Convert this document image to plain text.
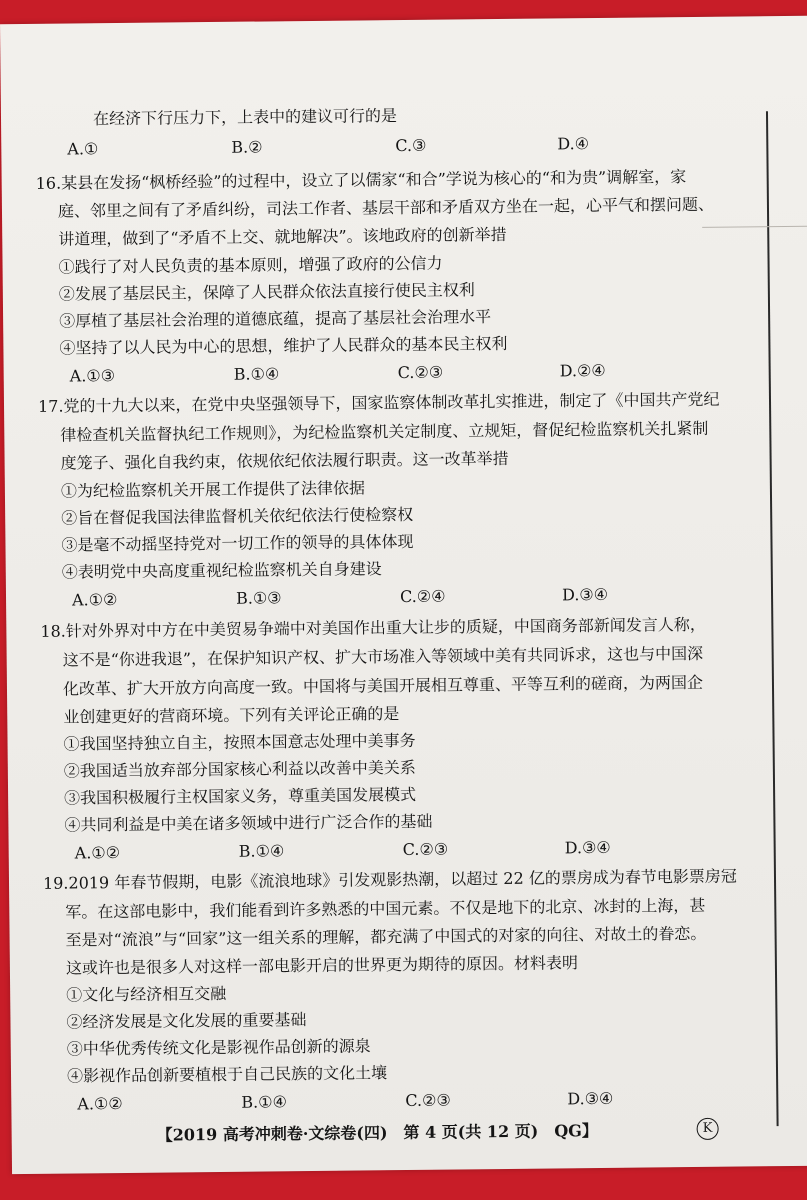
在经济下行压力下，上表中的建议可行的是
A.①	B.②	C.③	D.④
16.某县在发扬“枫桥经验”的过程中，设立了以儒家“和合”学说为核心的“和为贵”调解室，家
庭、邻里之间有了矛盾纠纷，司法工作者、基层干部和矛盾双方坐在一起，心平气和摆问题、
讲道理，做到了“矛盾不上交、就地解决”。该地政府的创新举措
①践行了对人民负责的基本原则，增强了政府的公信力
②发展了基层民主，保障了人民群众依法直接行使民主权利
③厚植了基层社会治理的道德底蕴，提高了基层社会治理水平
④坚持了以人民为中心的思想，维护了人民群众的基本民主权利
A.①③	B.①④	C.②③	D.②④
17.党的十九大以来，在党中央坚强领导下，国家监察体制改革扎实推进，制定了《中国共产党纪
律检查机关监督执纪工作规则》，为纪检监察机关定制度、立规矩，督促纪检监察机关扎紧制
度笼子、强化自我约束，依规依纪依法履行职责。这一改革举措
①为纪检监察机关开展工作提供了法律依据
②旨在督促我国法律监督机关依纪依法行使检察权
③是毫不动摇坚持党对一切工作的领导的具体体现
④表明党中央高度重视纪检监察机关自身建设
A.①②	B.①③	C.②④	D.③④
18.针对外界对中方在中美贸易争端中对美国作出重大让步的质疑，中国商务部新闻发言人称，
这不是“你进我退”，在保护知识产权、扩大市场准入等领域中美有共同诉求，这也与中国深
化改革、扩大开放方向高度一致。中国将与美国开展相互尊重、平等互利的磋商，为两国企
业创建更好的营商环境。下列有关评论正确的是
①我国坚持独立自主，按照本国意志处理中美事务
②我国适当放弃部分国家核心利益以改善中美关系
③我国积极履行主权国家义务，尊重美国发展模式
④共同利益是中美在诸多领域中进行广泛合作的基础
A.①②	B.①④	C.②③	D.③④
19.2019 年春节假期，电影《流浪地球》引发观影热潮，以超过 22 亿的票房成为春节电影票房冠
军。在这部电影中，我们能看到许多熟悉的中国元素。不仅是地下的北京、冰封的上海，甚
至是对“流浪”与“回家”这一组关系的理解，都充满了中国式的对家的向往、对故土的眷恋。
这或许也是很多人对这样一部电影开启的世界更为期待的原因。材料表明
①文化与经济相互交融
②经济发展是文化发展的重要基础
③中华优秀传统文化是影视作品创新的源泉
④影视作品创新要植根于自己民族的文化土壤
A.①②	B.①④	C.②③	D.③④
【2019 高考冲刺卷·文综卷(四)　第 4 页(共 12 页)　QG】	K
